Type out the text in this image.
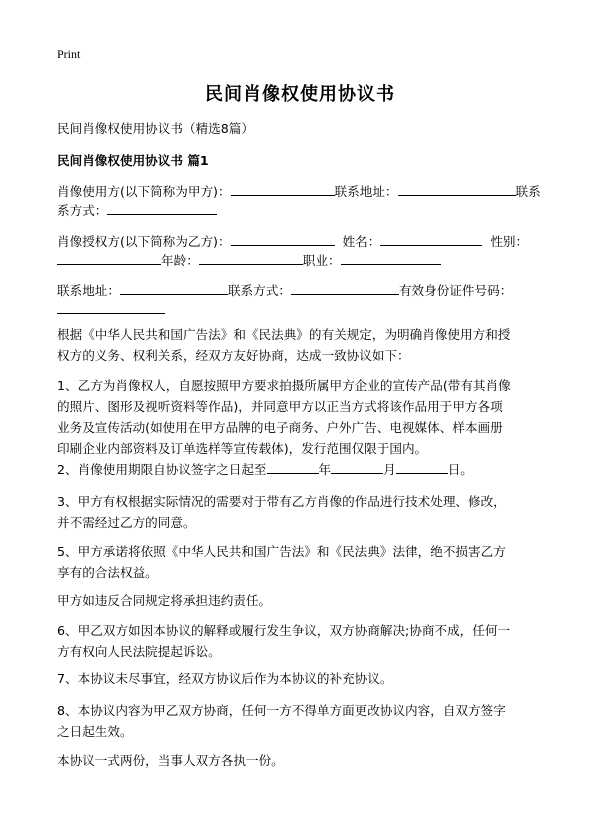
Print
民间肖像权使用协议书
民间肖像权使用协议书（精选8篇）
民间肖像权使用协议书 篇1
肖像使用方(以下简称为甲方)：	联系地址：	联系
系方式：
肖像授权方(以下简称为乙方)：	姓名：	性别：
年龄：	职业：
联系地址：	联系方式：	有效身份证件号码：
根据《中华人民共和国广告法》和《民法典》的有关规定，为明确肖像使用方和授
权方的义务、权利关系，经双方友好协商，达成一致协议如下：
1、乙方为肖像权人，自愿按照甲方要求拍摄所属甲方企业的宣传产品(带有其肖像
的照片、图形及视听资料等作品)，并同意甲方以正当方式将该作品用于甲方各项
业务及宣传活动(如使用在甲方品牌的电子商务、户外广告、电视媒体、样本画册
印刷企业内部资料及订单选样等宣传载体)，发行范围仅限于国内。
2、肖像使用期限自协议签字之日起至	年	月	日。
3、甲方有权根据实际情况的需要对于带有乙方肖像的作品进行技术处理、修改，
并不需经过乙方的同意。
5、甲方承诺将依照《中华人民共和国广告法》和《民法典》法律，绝不损害乙方
享有的合法权益。
甲方如违反合同规定将承担违约责任。
6、甲乙双方如因本协议的解释或履行发生争议，双方协商解决;协商不成，任何一
方有权向人民法院提起诉讼。
7、本协议未尽事宜，经双方协议后作为本协议的补充协议。
8、本协议内容为甲乙双方协商，任何一方不得单方面更改协议内容，自双方签字
之日起生效。
本协议一式两份，当事人双方各执一份。
